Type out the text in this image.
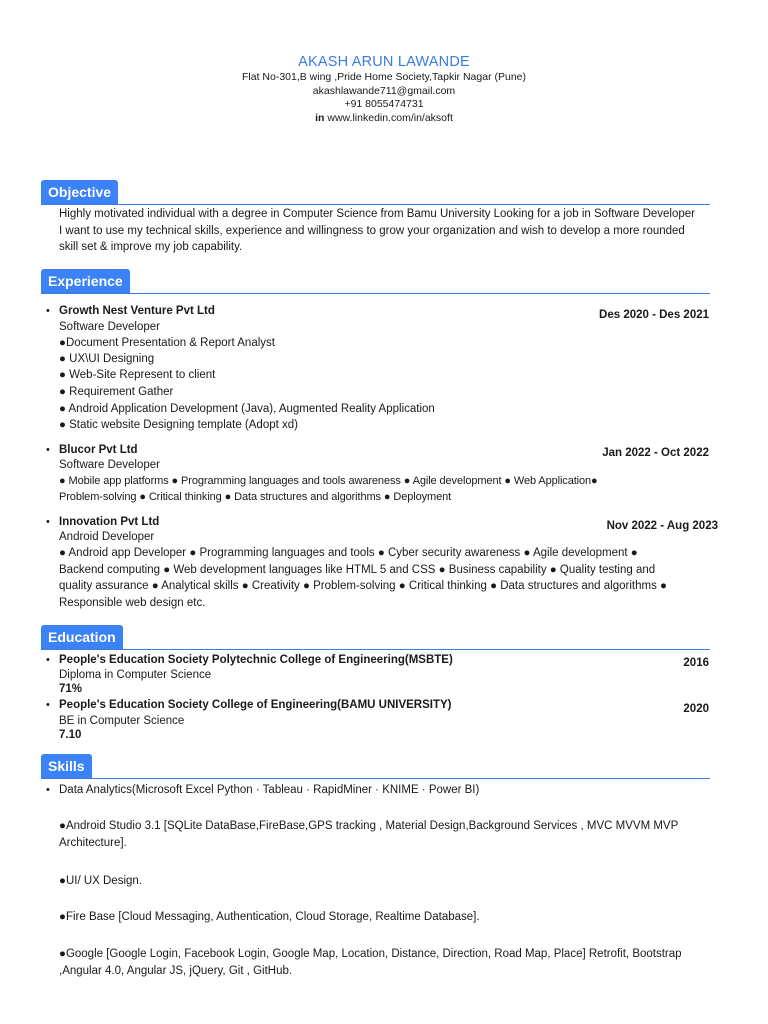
AKASH ARUN LAWANDE
Flat No-301,B wing ,Pride Home Society,Tapkir Nagar (Pune)
akashlawande711@gmail.com
+91 8055474731
in www.linkedin.com/in/aksoft
Objective
Highly motivated individual with a degree in Computer Science from Bamu University Looking for a job in Software Developer I want to use my technical skills, experience and willingness to grow your organization and wish to develop a more rounded skill set & improve my job capability.
Experience
• Growth Nest Venture Pvt Ltd	Des 2020 - Des 2021
Software Developer
●Document Presentation & Report Analyst
● UX\UI Designing
● Web-Site Represent to client
● Requirement Gather
● Android Application Development (Java), Augmented Reality Application
● Static website Designing template (Adopt xd)
• Blucor Pvt Ltd	Jan 2022 - Oct 2022
Software Developer
● Mobile app platforms ● Programming languages and tools awareness ● Agile development ● Web Application●
Problem-solving ● Critical thinking ● Data structures and algorithms ● Deployment
• Innovation Pvt Ltd	Nov 2022 - Aug 2023
Android Developer
● Android app Developer ● Programming languages and tools ● Cyber security awareness ● Agile development ● Backend computing ● Web development languages like HTML 5 and CSS ● Business capability ● Quality testing and quality assurance ● Analytical skills ● Creativity ● Problem-solving ● Critical thinking ● Data structures and algorithms ● Responsible web design etc.
Education
• People's Education Society Polytechnic College of Engineering(MSBTE)	2016
Diploma in Computer Science
71%
• People's Education Society College of Engineering(BAMU UNIVERSITY)	2020
BE in Computer Science
7.10
Skills
• Data Analytics(Microsoft Excel Python · Tableau · RapidMiner · KNIME · Power BI)
●Android Studio 3.1 [SQLite DataBase,FireBase,GPS tracking , Material Design,Background Services , MVC MVVM MVP Architecture].
●UI/ UX Design.
●Fire Base [Cloud Messaging, Authentication, Cloud Storage, Realtime Database].
●Google [Google Login, Facebook Login, Google Map, Location, Distance, Direction, Road Map, Place] Retrofit, Bootstrap ,Angular 4.0, Angular JS, jQuery, Git , GitHub.
